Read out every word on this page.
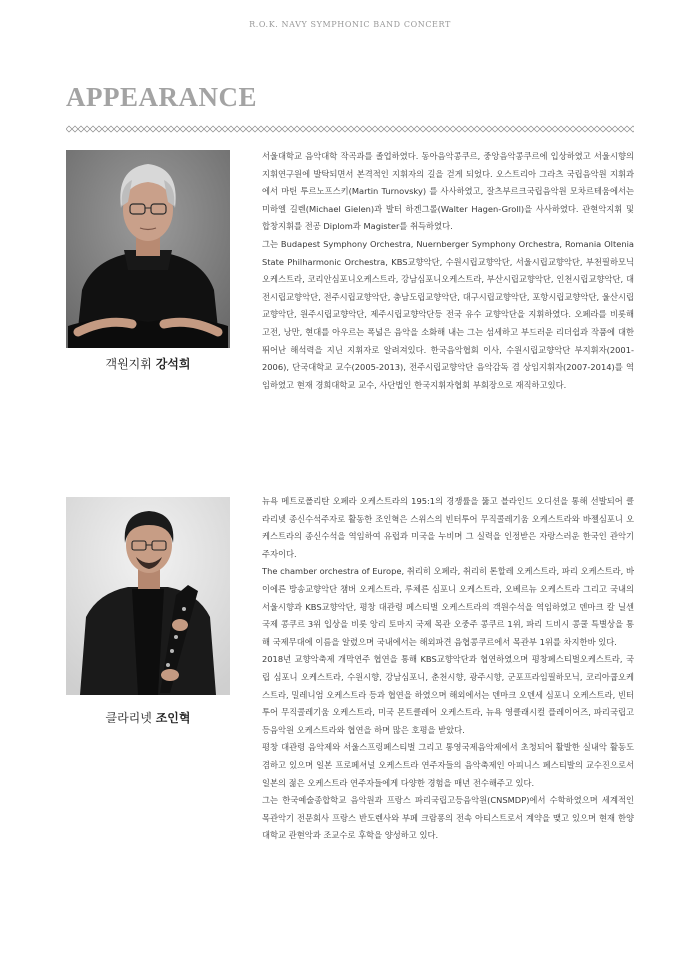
R.O.K. NAVY SYMPHONIC BAND CONCERT
APPEARANCE
객원지휘 강석희

서울대학교 음악대학 작곡과를 졸업하였다. 동아음악콩쿠르, 중앙음악콩쿠르에 입상하였고 서울시향의 지휘연구원에 발탁되면서 본격적인 지휘자의 길을 걷게 되었다. 오스트리아 그라츠 국립음악원 지휘과에서 마틴 투르노프스키(Martin Turnovsky) 를 사사하였고, 잘츠부르크국립음악원 모차르테움에서는 미하엘 길렌(Michael Gielen)과 발터 하겐그롤(Walter Hagen-Groll)을 사사하였다. 관현악지휘 및 합창지휘를 전공 Diplom과 Magister를 취득하였다.

그는 Budapest Symphony Orchestra, Nuernberger Symphony Orchestra, Romania Oltenia State Philharmonic Orchestra, KBS교향악단, 수원시립교향악단, 서울시립교향악단, 부천필하모닉오케스트라, 코리안심포니오케스트라, 강남심포니오케스트라, 부산시립교향악단, 인천시립교향악단, 대전시립교향악단, 전주시립교향악단, 충남도립교향악단, 대구시립교향악단, 포항시립교향악단, 울산시립교향악단, 원주시립교향악단, 제주시립교향악단등 전국 유수 교향악단을 지휘하였다. 오페라를 비롯해 고전, 낭만, 현대를 아우르는 폭넓은 음악을 소화해 내는 그는 섬세하고 부드러운 리더쉽과 작품에 대한 뛰어난 해석력을 지닌 지휘자로 알려져있다. 한국음악협회 이사, 수원시립교향악단 부지휘자(2001-2006), 단국대학교 교수(2005-2013), 전주시립교향악단 음악감독 겸 상임지휘자(2007-2014)를 역임하였고 현재 경희대학교 교수, 사단법인 한국지휘자협회 부회장으로 재직하고있다.

클라리넷 조인혁

뉴욕 메트로폴리탄 오페라 오케스트라의 195:1의 경쟁률을 뚫고 블라인드 오디션을 통해 선발되어 클라리넷 종신수석주자로 활동한 조인혁은 스위스의 빈터투어 무직콜레기움 오케스트라와 바젤심포니 오케스트라의 종신수석을 역임하여 유럽과 미국을 누비며 그 실력을 인정받은 자랑스러운 한국인 관악기 주자이다.

The chamber orchestra of Europe, 취리히 오페라, 취리히 톤할레 오케스트라, 파리 오케스트라, 바이에른 방송교향악단 챔버 오케스트라, 루체른 심포니 오케스트라, 오베르뉴 오케스트라 그리고 국내의 서울시향과 KBS교향악단, 평창 대관령 페스티벌 오케스트라의 객원수석을 역임하였고 덴마크 칼 닐센 국제 콩쿠르 3위 입상을 비롯 앙리 토마지 국제 목관 오중주 콩쿠르 1위, 파리 드비시 콩쿨 특별상을 통해 국제무대에 이름을 알렸으며 국내에서는 해외파견 음협콩쿠르에서 목관부 1위를 차지한바 있다.

2018년 교향악축제 개막연주 협연을 통해 KBS교향악단과 협연하였으며 평창페스티벌오케스트라, 국립 심포니 오케스트라, 수원시향, 강남심포니, 춘천시향, 광주시향, 군포프라임필하모닉, 코리아쿱오케스트라, 밀레니엄 오케스트라 등과 협연을 하였으며 해외에서는 덴마크 오덴세 심포니 오케스트라, 빈터투어 무직콜레기움 오케스트라, 미국 몬트클레어 오케스트라, 뉴욕 영클래시컬 플레이어즈, 파리국립고등음악원 오케스트라와 협연을 하며 많은 호평을 받았다.

평창 대관령 음악제와 서울스프링페스티벌 그리고 통영국제음악제에서 초청되어 활발한 실내악 활동도 겸하고 있으며 일본 프로페셔널 오케스트라 연주자들의 음악축제인 아피니스 페스티발의 교수진으로서 일본의 젊은 오케스트라 연주자들에게 다양한 경험을 매년 전수해주고 있다.

그는 한국예술종합학교 음악원과 프랑스 파리국립고등음악원(CNSMDP)에서 수학하였으며 세계적인 목관악기 전문회사 프랑스 반도렌사와 부페 크람퐁의 전속 아티스트로서 계약을 맺고 있으며 현재 한양대학교 관현악과 조교수로 후학을 양성하고 있다.
